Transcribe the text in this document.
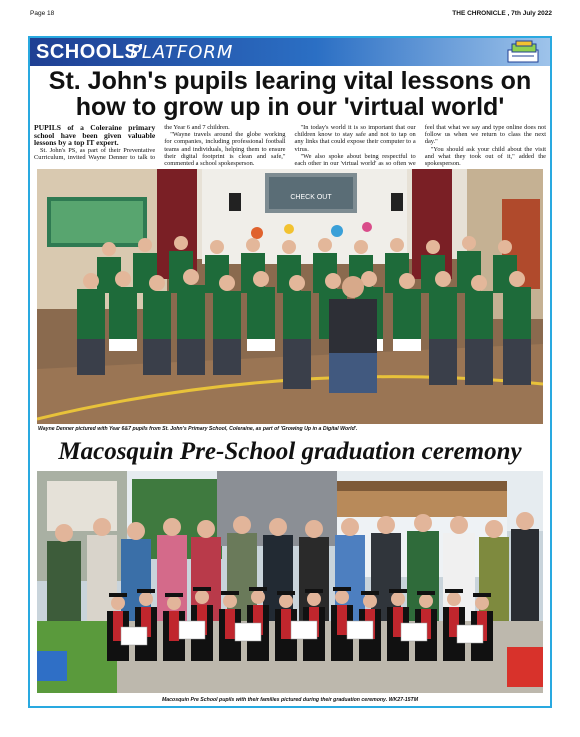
Page 18	THE CHRONICLE , 7th July 2022
SCHOOLS'
PLATFORM
St. John's pupils learing vital lessons on how to grow up in our 'virtual world'

PUPILS of a Coleraine primary school have been given valuable lessons by a top IT expert.

St. John's PS, as part of their Preventative Curriculum, invited Wayne Denner to talk to the Year 6 and 7 children.

"Wayne travels around the globe working for companies, including professional football teams and individuals, helping them to ensure their digital footprint is clean and safe," commented a school spokesperson.

"In today's world it is so important that our children know to stay safe and not to tap on any links that could expose their computer to a virus.

"We also spoke about being respectful to each other in our 'virtual world' as so often we feel that what we say and type online does not follow us when we return to class the next day."

"You should ask your child about the visit and what they took out of it," added the spokesperson.

CHECK OUT
Wayne Denner pictured with Year 6&7 pupils from St. John's Primary School, Coleraine, as part of 'Growing Up in a Digital World'.
Macosquin Pre-School graduation ceremony
Macosquin Pre School pupils with their families pictured during their graduation ceremony. WK27-15TM
